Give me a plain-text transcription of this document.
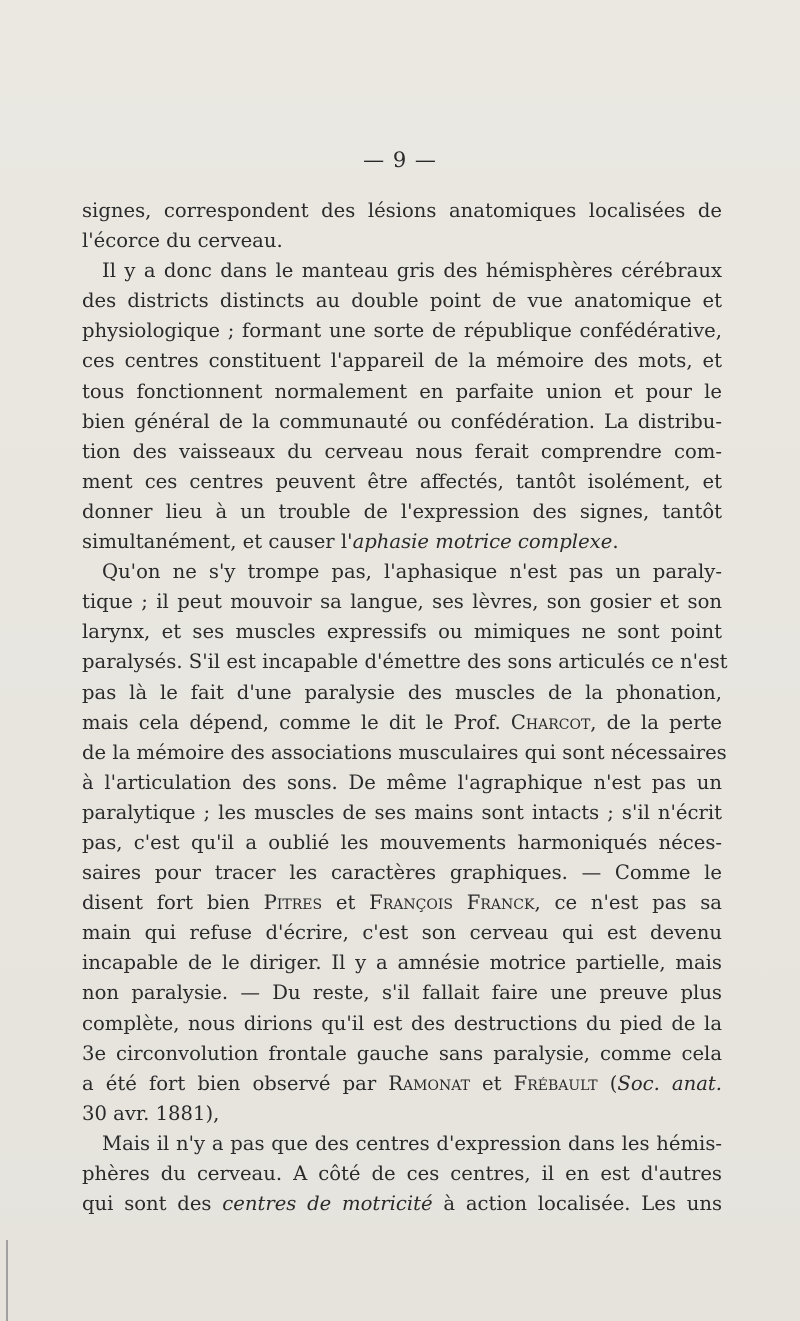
— 9 —
signes, correspondent des lésions anatomiques localisées de
l'écorce du cerveau.
Il y a donc dans le manteau gris des hémisphères cérébraux
des districts distincts au double point de vue anatomique et
physiologique ; formant une sorte de république confédérative,
ces centres constituent l'appareil de la mémoire des mots, et
tous fonctionnent normalement en parfaite union et pour le
bien général de la communauté ou confédération. La distribu-
tion des vaisseaux du cerveau nous ferait comprendre com-
ment ces centres peuvent être affectés, tantôt isolément, et
donner lieu à un trouble de l'expression des signes, tantôt
simultanément, et causer l'aphasie motrice complexe.
Qu'on ne s'y trompe pas, l'aphasique n'est pas un paraly-
tique ; il peut mouvoir sa langue, ses lèvres, son gosier et son
larynx, et ses muscles expressifs ou mimiques ne sont point
paralysés. S'il est incapable d'émettre des sons articulés ce n'est
pas là le fait d'une paralysie des muscles de la phonation,
mais cela dépend, comme le dit le Prof. Charcot, de la perte
de la mémoire des associations musculaires qui sont nécessaires
à l'articulation des sons. De même l'agraphique n'est pas un
paralytique ; les muscles de ses mains sont intacts ; s'il n'écrit
pas, c'est qu'il a oublié les mouvements harmoniqués néces-
saires pour tracer les caractères graphiques. — Comme le
disent fort bien Pitres et François Franck, ce n'est pas sa
main qui refuse d'écrire, c'est son cerveau qui est devenu
incapable de le diriger. Il y a amnésie motrice partielle, mais
non paralysie. — Du reste, s'il fallait faire une preuve plus
complète, nous dirions qu'il est des destructions du pied de la
3e circonvolution frontale gauche sans paralysie, comme cela
a été fort bien observé par Ramonat et Frébault (Soc. anat.
30 avr. 1881),
Mais il n'y a pas que des centres d'expression dans les hémis-
phères du cerveau. A côté de ces centres, il en est d'autres
qui sont des centres de motricité à action localisée. Les uns
